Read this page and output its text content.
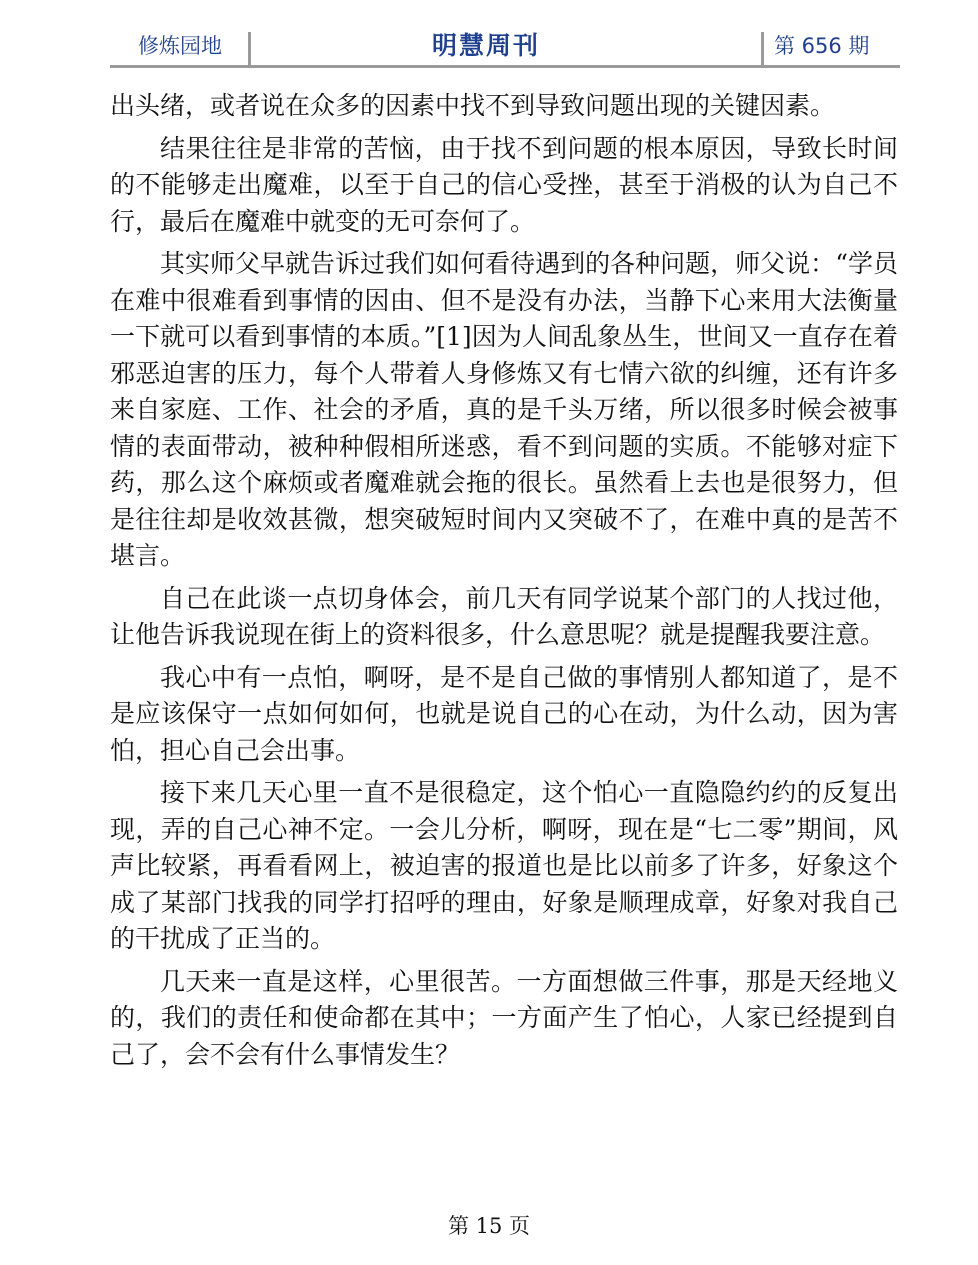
修炼园地	明慧周刊	第 656 期

出头绪，或者说在众多的因素中找不到导致问题出现的关键因素。

结果往往是非常的苦恼，由于找不到问题的根本原因，导致长时间的不能够走出魔难，以至于自己的信心受挫，甚至于消极的认为自己不行，最后在魔难中就变的无可奈何了。

其实师父早就告诉过我们如何看待遇到的各种问题，师父说：“学员在难中很难看到事情的因由、但不是没有办法，当静下心来用大法衡量一下就可以看到事情的本质。”[1]因为人间乱象丛生，世间又一直存在着邪恶迫害的压力，每个人带着人身修炼又有七情六欲的纠缠，还有许多来自家庭、工作、社会的矛盾，真的是千头万绪，所以很多时候会被事情的表面带动，被种种假相所迷惑，看不到问题的实质。不能够对症下药，那么这个麻烦或者魔难就会拖的很长。虽然看上去也是很努力，但是往往却是收效甚微，想突破短时间内又突破不了，在难中真的是苦不堪言。

自己在此谈一点切身体会，前几天有同学说某个部门的人找过他，让他告诉我说现在街上的资料很多，什么意思呢？就是提醒我要注意。

我心中有一点怕，啊呀，是不是自己做的事情别人都知道了，是不是应该保守一点如何如何，也就是说自己的心在动，为什么动，因为害怕，担心自己会出事。

接下来几天心里一直不是很稳定，这个怕心一直隐隐约约的反复出现，弄的自己心神不定。一会儿分析，啊呀，现在是“七二零”期间，风声比较紧，再看看网上，被迫害的报道也是比以前多了许多，好象这个成了某部门找我的同学打招呼的理由，好象是顺理成章，好象对我自己的干扰成了正当的。

几天来一直是这样，心里很苦。一方面想做三件事，那是天经地义的，我们的责任和使命都在其中；一方面产生了怕心，人家已经提到自己了，会不会有什么事情发生？

第 15 页
